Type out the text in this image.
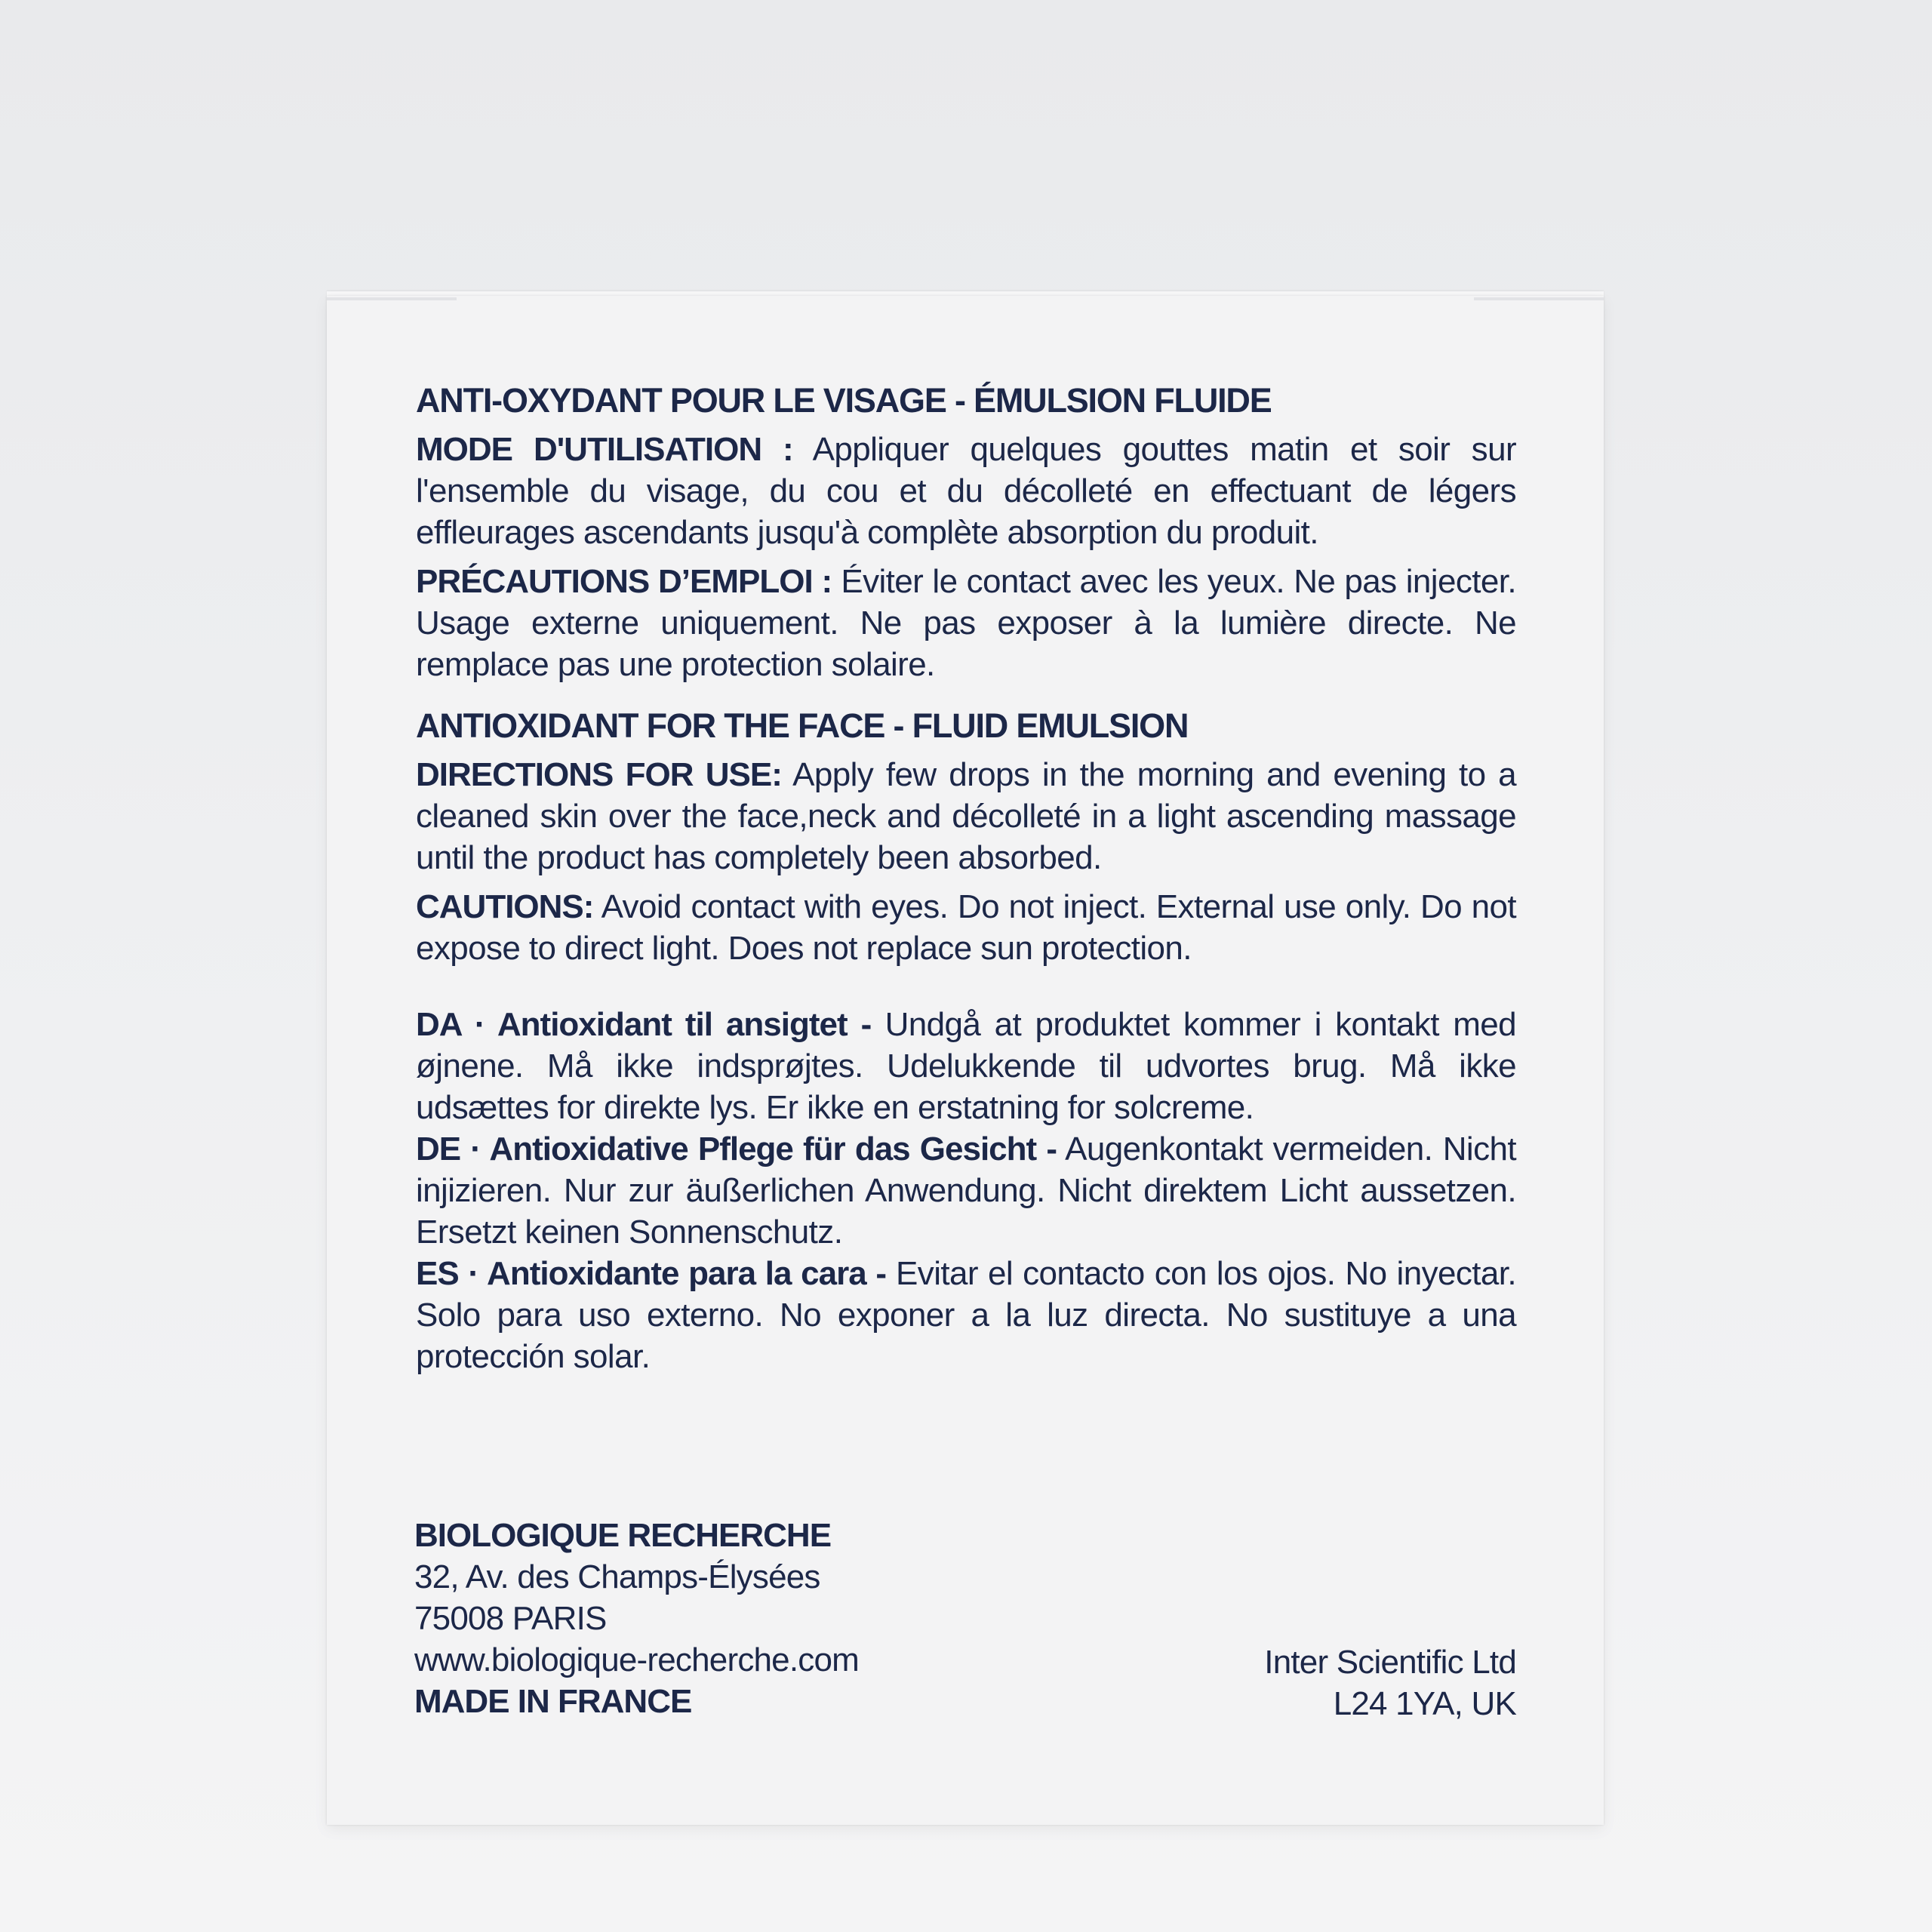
ANTI-OXYDANT POUR LE VISAGE - ÉMULSION FLUIDE

MODE D'UTILISATION : Appliquer quelques gouttes matin et soir sur l'ensemble du visage, du cou et du décolleté en effectuant de légers effleurages ascendants jusqu'à complète absorption du produit.

PRÉCAUTIONS D’EMPLOI : Éviter le contact avec les yeux. Ne pas injecter. Usage externe uniquement. Ne pas exposer à la lumière directe. Ne remplace pas une protection solaire.

ANTIOXIDANT FOR THE FACE - FLUID EMULSION

DIRECTIONS FOR USE: Apply few drops in the morning and evening to a cleaned skin over the face,neck and décolleté in a light ascending massage until the product has completely been absorbed.

CAUTIONS: Avoid contact with eyes. Do not inject. External use only. Do not expose to direct light. Does not replace sun protection.

DA · Antioxidant til ansigtet - Undgå at produktet kommer i kontakt med øjnene. Må ikke indsprøjtes. Udelukkende til udvortes brug. Må ikke udsættes for direkte lys. Er ikke en erstatning for solcreme.

DE · Antioxidative Pflege für das Gesicht - Augenkontakt vermeiden. Nicht injizieren. Nur zur äußerlichen Anwendung. Nicht direktem Licht aussetzen. Ersetzt keinen Sonnenschutz.

ES · Antioxidante para la cara - Evitar el contacto con los ojos. No inyectar. Solo para uso externo. No exponer a la luz directa. No sustituye a una protección solar.

BIOLOGIQUE RECHERCHE
32, Av. des Champs-Élysées
75008 PARIS
www.biologique-recherche.com
MADE IN FRANCE
Inter Scientific Ltd
L24 1YA, UK
